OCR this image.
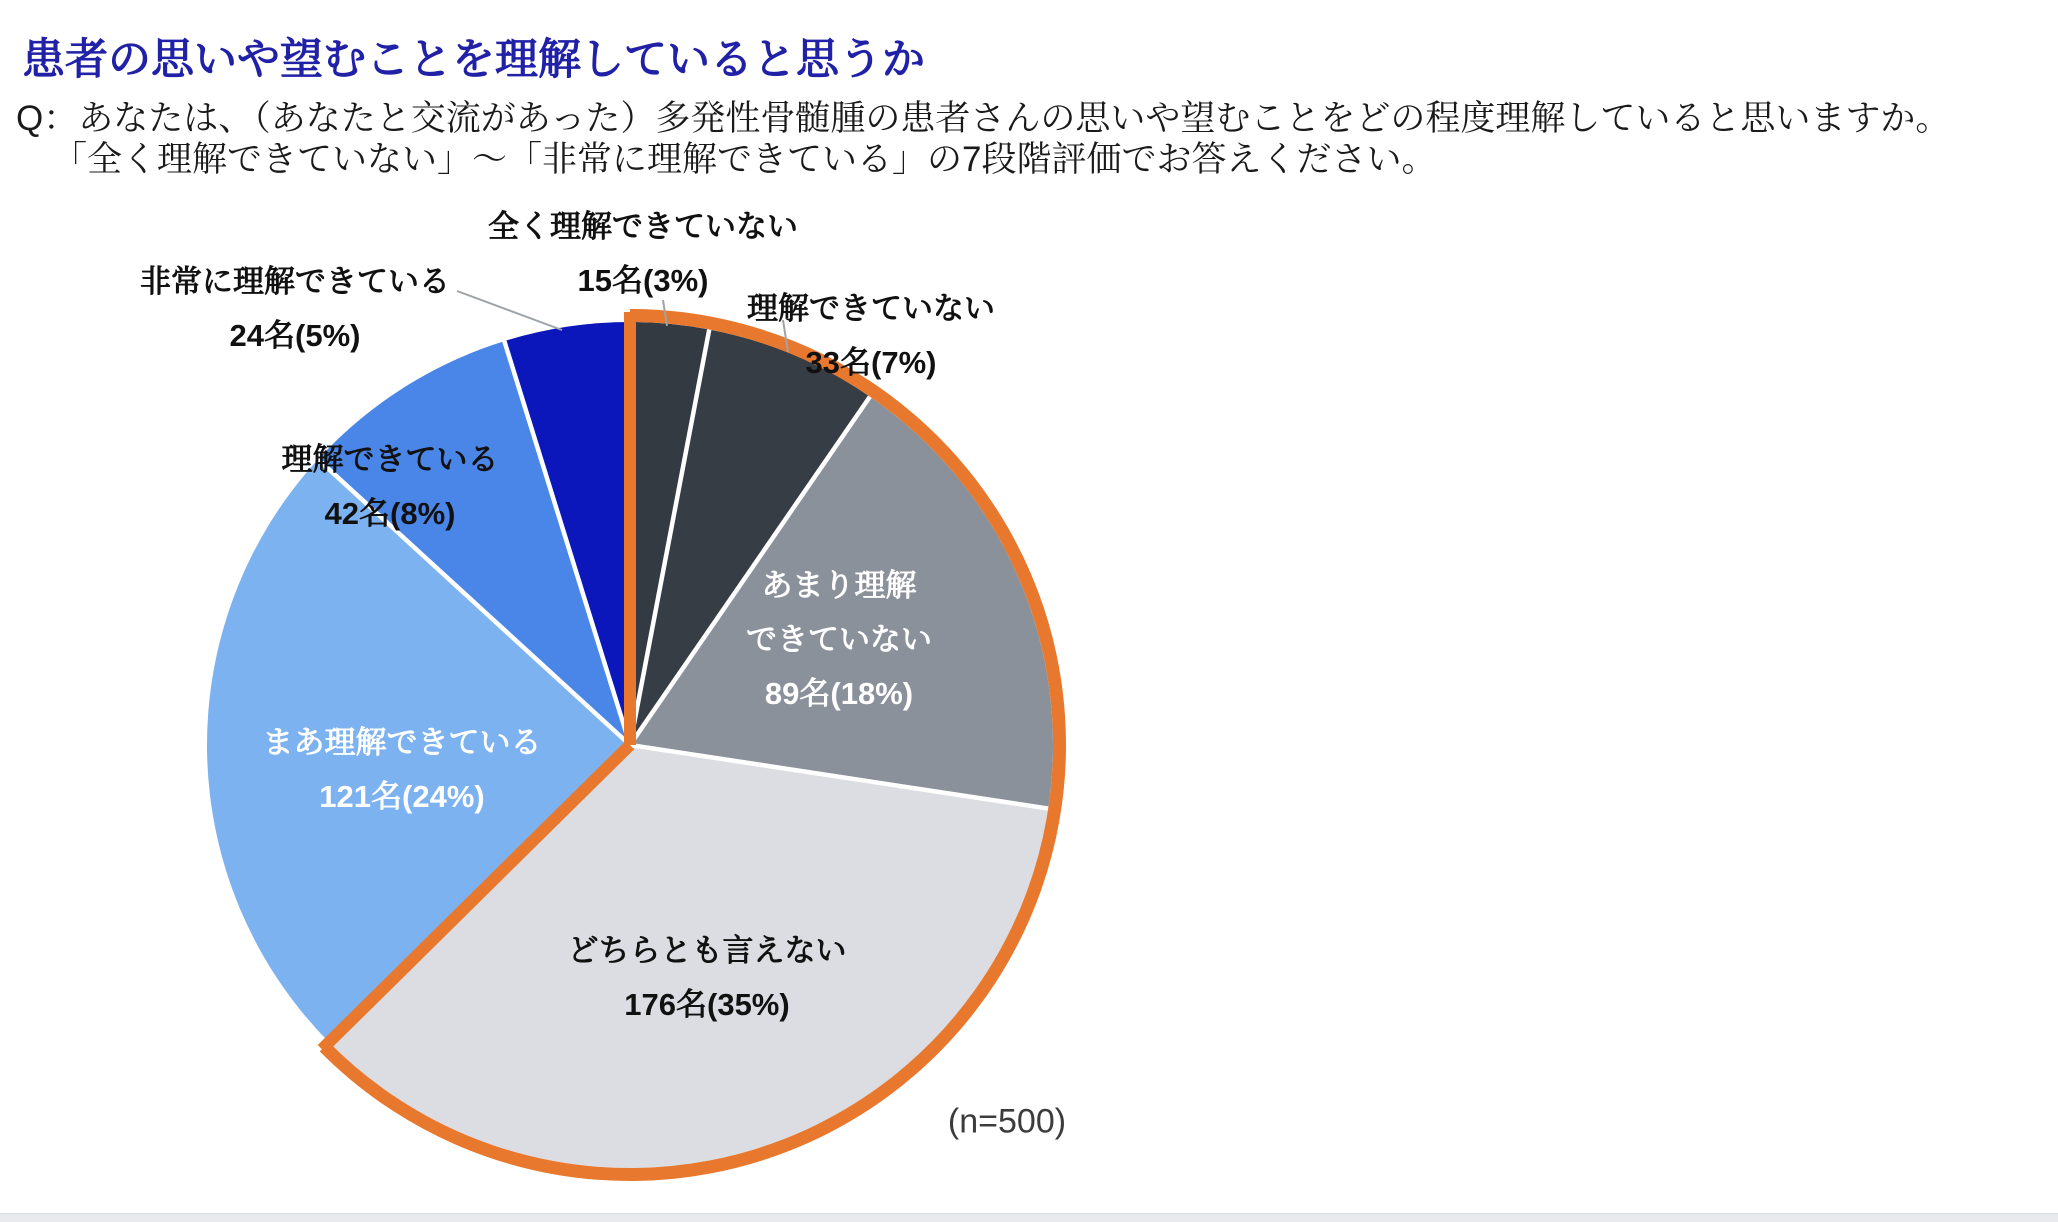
患者の思いや望むことを理解していると思うか
Q：あなたは、（あなたと交流があった）多発性骨髄腫の患者さんの思いや望むことをどの程度理解していると思いますか。
「全く理解できていない」～「非常に理解できている」の7段階評価でお答えください。
全く理解できていない
15名(3%)
理解できていない
33名(7%)
あまり理解
できていない
89名(18%)
どちらとも言えない
176名(35%)
まあ理解できている
121名(24%)
理解できている
42名(8%)
非常に理解できている
24名(5%)
(n=500)
